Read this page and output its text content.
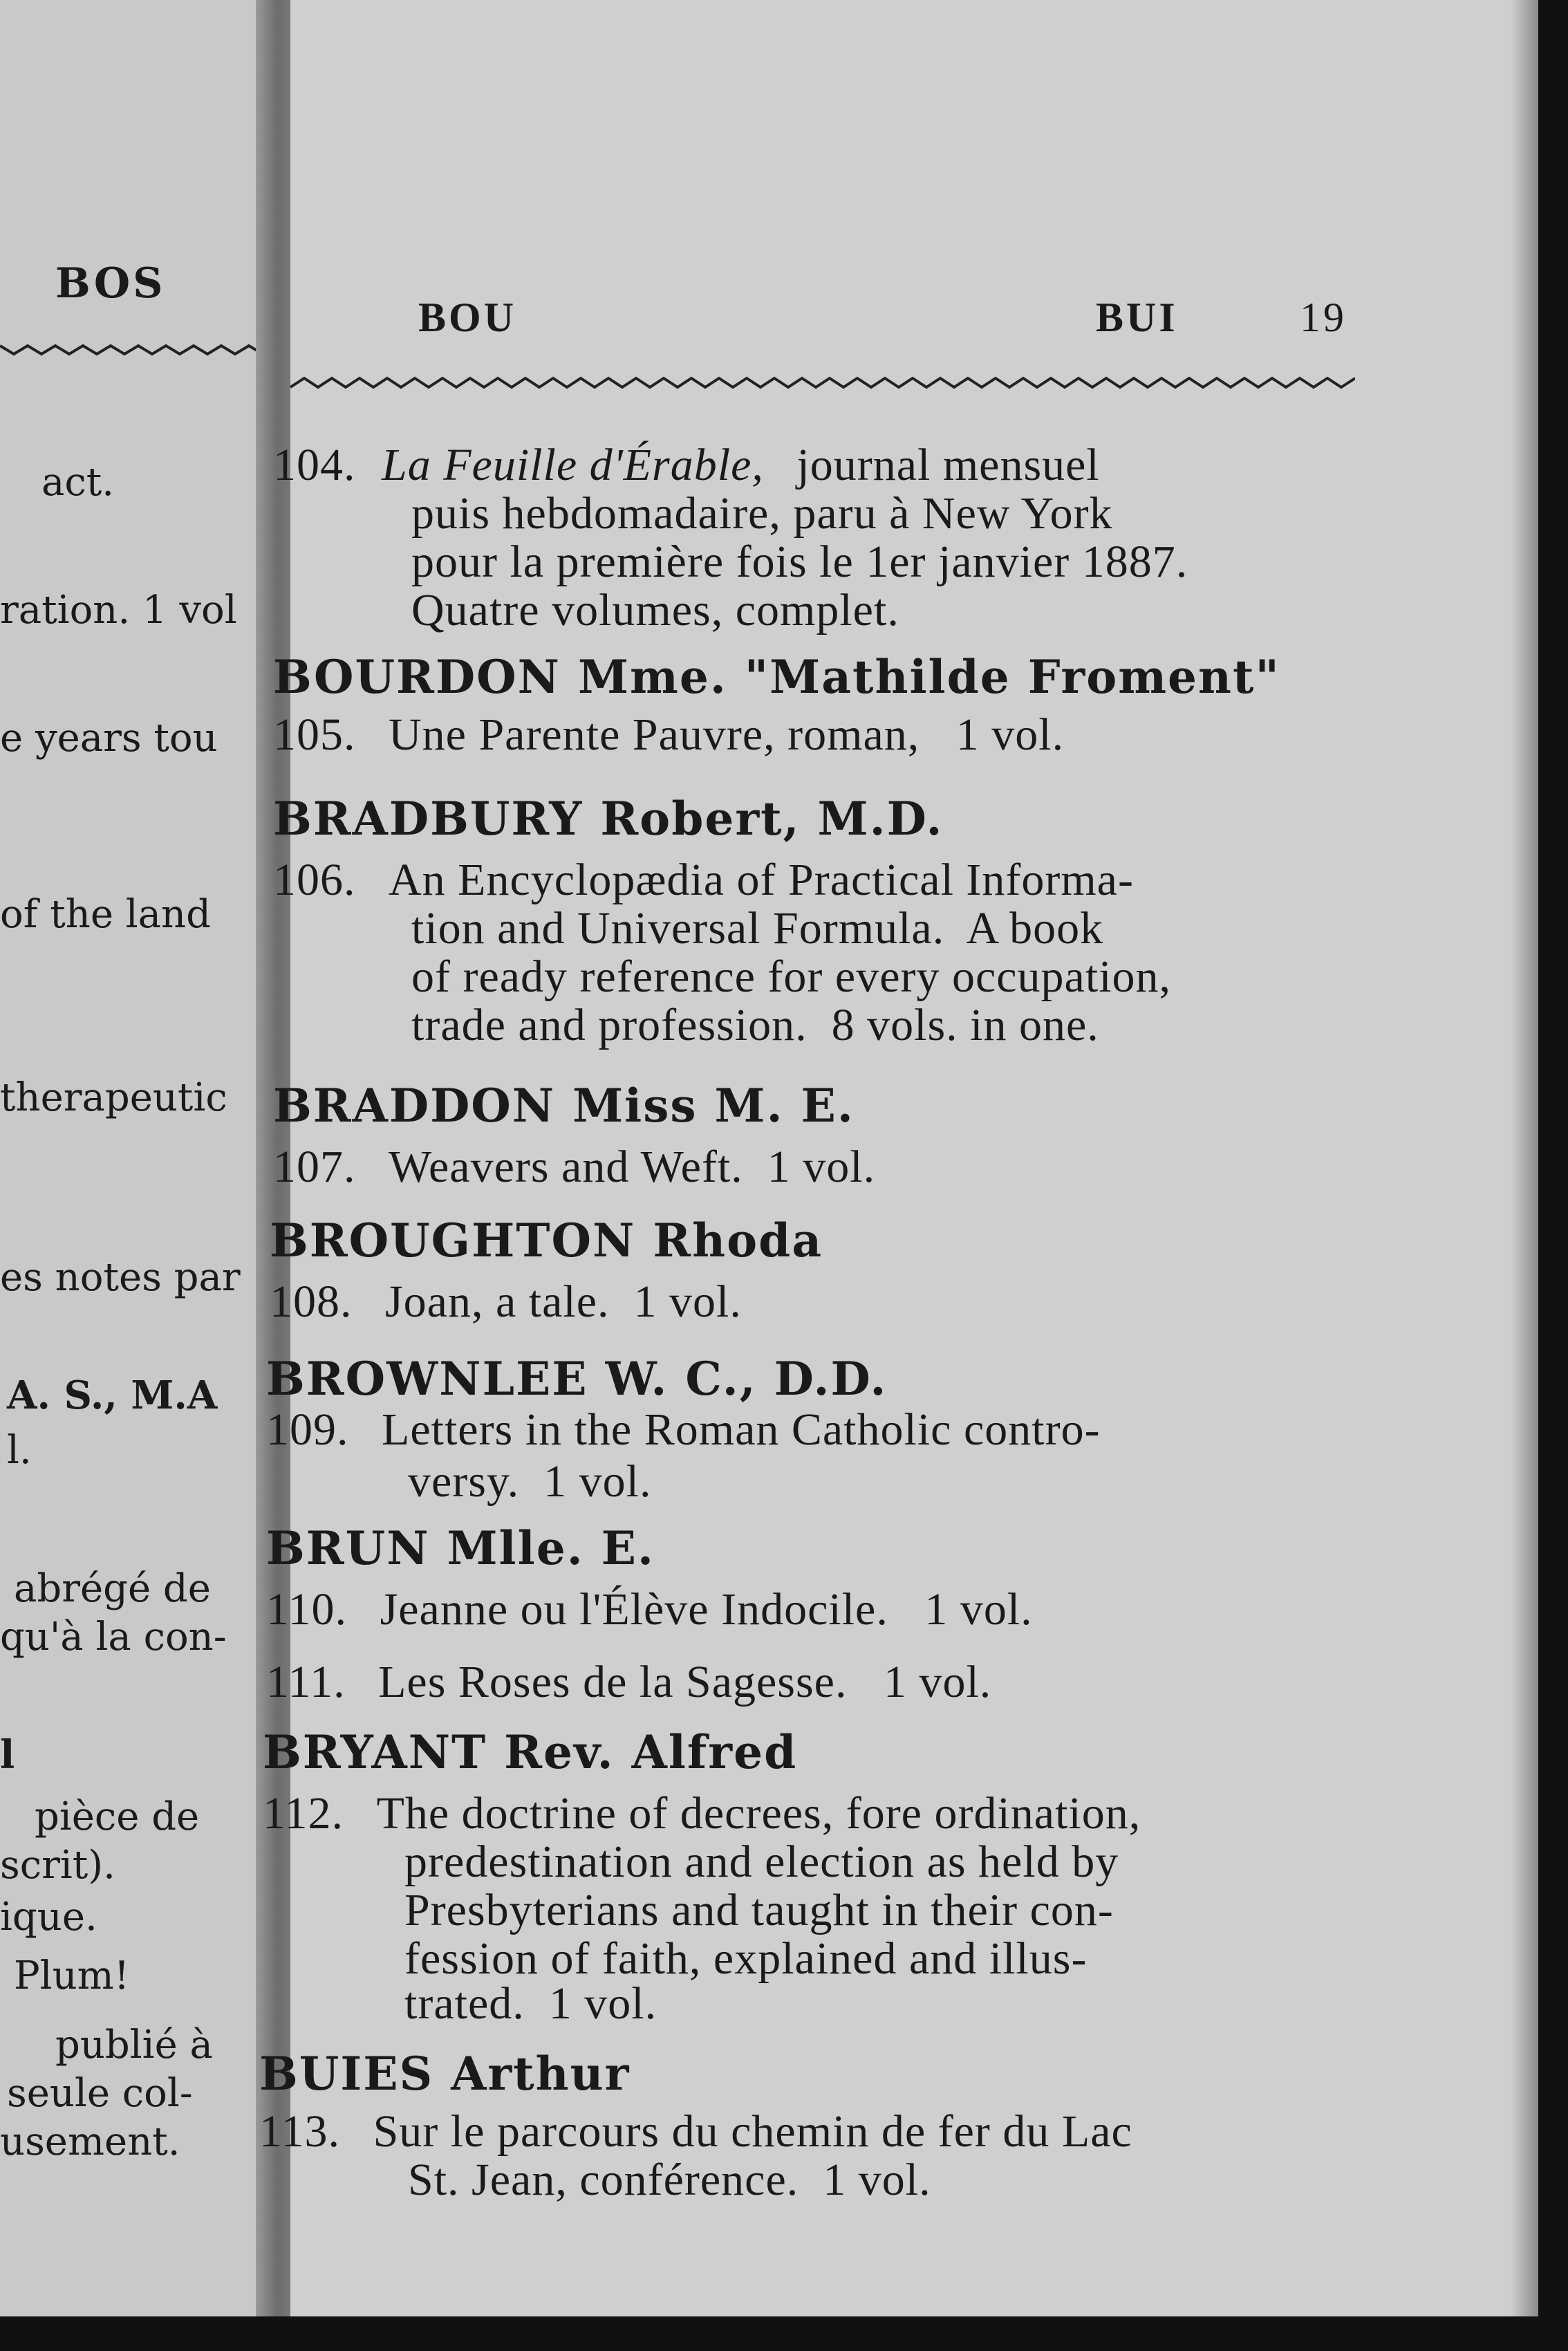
BOS
act.
ration. 1 vol
e years tou
of the land
therapeutic
es notes par
A. S., M.A
l.
abrégé de
qu'à la con-
l
pièce de
scrit).
ique.
Plum!
publié à
seule col-
usement.
BOU	BUI	19
104. La Feuille d'Érable, journal mensuel
puis hebdomadaire, paru à New York
pour la première fois le 1er janvier 1887.
Quatre volumes, complet.
BOURDON Mme. "Mathilde Froment"
105. Une Parente Pauvre, roman,   1 vol.
BRADBURY Robert, M.D.
106. An Encyclopædia of Practical Informa-
tion and Universal Formula.  A book
of ready reference for every occupation,
trade and profession.  8 vols. in one.
BRADDON Miss M. E.
107. Weavers and Weft.  1 vol.
BROUGHTON Rhoda
108. Joan, a tale.  1 vol.
BROWNLEE W. C., D.D.
109. Letters in the Roman Catholic contro-
versy.  1 vol.
BRUN Mlle. E.
110. Jeanne ou l'Élève Indocile.   1 vol.
111. Les Roses de la Sagesse.   1 vol.
BRYANT Rev. Alfred
112. The doctrine of decrees, fore ordination,
predestination and election as held by
Presbyterians and taught in their con-
fession of faith, explained and illus-
trated.  1 vol.
BUIES Arthur
113. Sur le parcours du chemin de fer du Lac
St. Jean, conférence.  1 vol.
